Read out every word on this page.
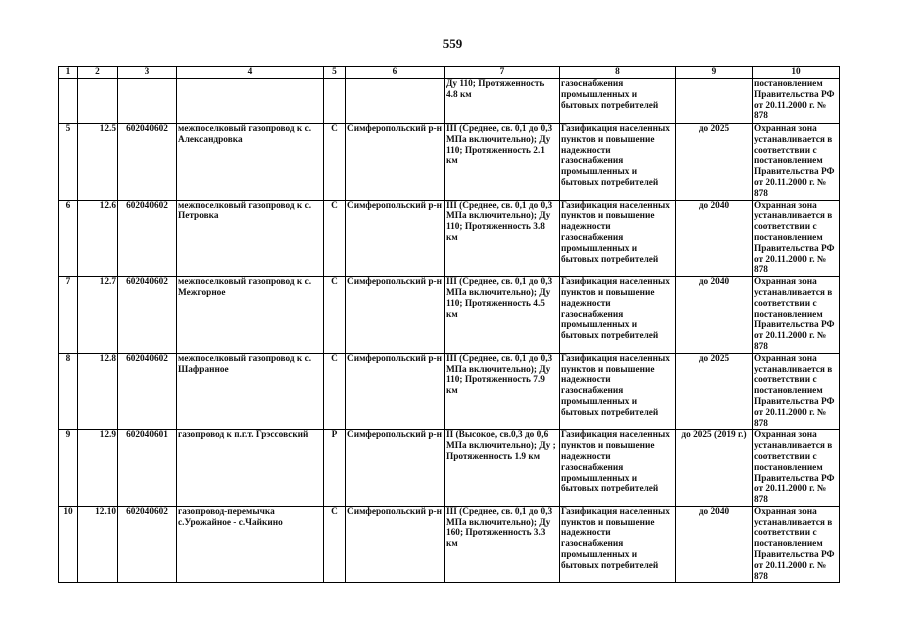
559
1	2	3	4	5	6	7	8	9	10
						Ду 110; Протяженность 4.8 км	газоснабжения промышленных и бытовых потребителей		постановлением Правительства РФ от 20.11.2000 г. № 878
5	12.5	602040602	межпоселковый газопровод к с. Александровка	С	Симферопольский р-н	III (Среднее, св. 0,1 до 0,3 МПа включительно); Ду 110; Протяженность 2.1 км	Газификация населенных пунктов и повышение надежности газоснабжения промышленных и бытовых потребителей	до 2025	Охранная зона устанавливается в соответствии с постановлением Правительства РФ от 20.11.2000 г. № 878
6	12.6	602040602	межпоселковый газопровод к с. Петровка	С	Симферопольский р-н	III (Среднее, св. 0,1 до 0,3 МПа включительно); Ду 110; Протяженность 3.8 км	Газификация населенных пунктов и повышение надежности газоснабжения промышленных и бытовых потребителей	до 2040	Охранная зона устанавливается в соответствии с постановлением Правительства РФ от 20.11.2000 г. № 878
7	12.7	602040602	межпоселковый газопровод к с. Межгорное	С	Симферопольский р-н	III (Среднее, св. 0,1 до 0,3 МПа включительно); Ду 110; Протяженность 4.5 км	Газификация населенных пунктов и повышение надежности газоснабжения промышленных и бытовых потребителей	до 2040	Охранная зона устанавливается в соответствии с постановлением Правительства РФ от 20.11.2000 г. № 878
8	12.8	602040602	межпоселковый газопровод к с. Шафранное	С	Симферопольский р-н	III (Среднее, св. 0,1 до 0,3 МПа включительно); Ду 110; Протяженность 7.9 км	Газификация населенных пунктов и повышение надежности газоснабжения промышленных и бытовых потребителей	до 2025	Охранная зона устанавливается в соответствии с постановлением Правительства РФ от 20.11.2000 г. № 878
9	12.9	602040601	газопровод к п.г.т. Грэссовский	Р	Симферопольский р-н	II (Высокое, св.0,3 до 0,6 МПа включительно); Ду ; Протяженность 1.9 км	Газификация населенных пунктов и повышение надежности газоснабжения промышленных и бытовых потребителей	до 2025 (2019 г.)	Охранная зона устанавливается в соответствии с постановлением Правительства РФ от 20.11.2000 г. № 878
10	12.10	602040602	газопровод-перемычка с.Урожайное - с.Чайкино	С	Симферопольский р-н	III (Среднее, св. 0,1 до 0,3 МПа включительно); Ду 160; Протяженность 3.3 км	Газификация населенных пунктов и повышение надежности газоснабжения промышленных и бытовых потребителей	до 2040	Охранная зона устанавливается в соответствии с постановлением Правительства РФ от 20.11.2000 г. № 878
